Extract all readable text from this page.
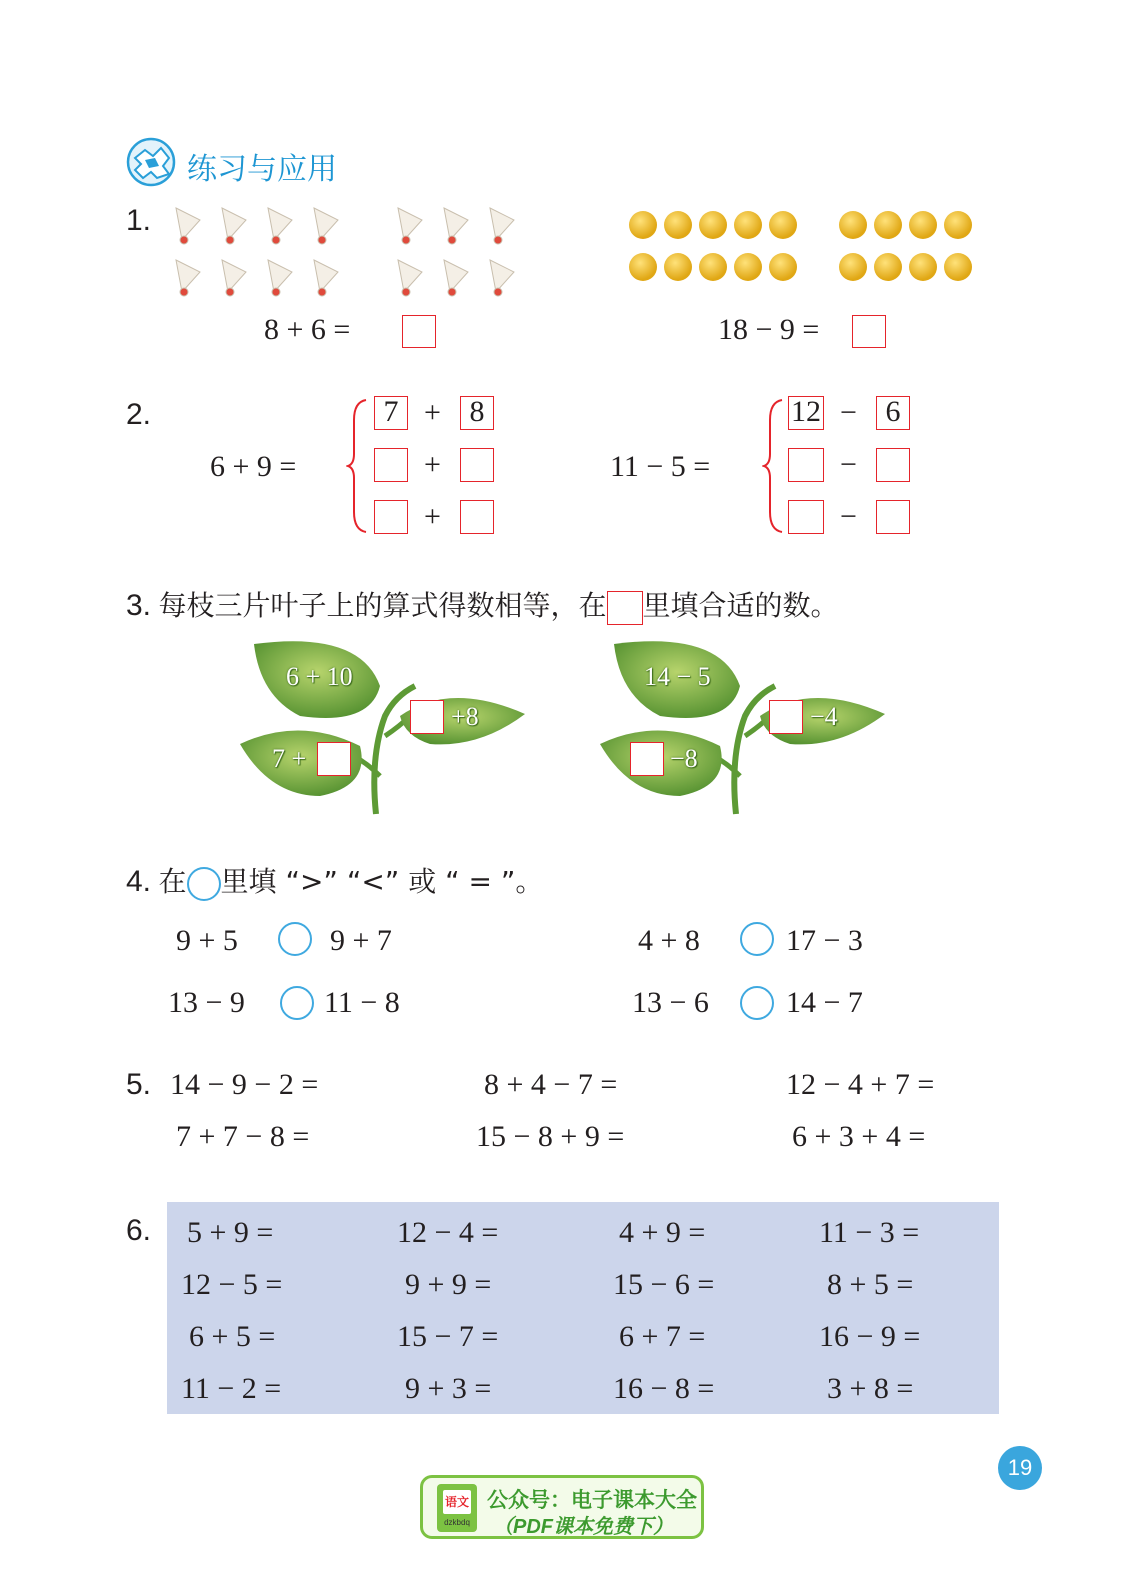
练习与应用
1.
8 + 6 =	18 − 9 =
2.
6 + 9 =
7 + 8
+
+
11 − 5 =
12 − 6
−
−
3. 每枝三片叶子上的算式得数相等，在 里填合适的数。
6 + 10
+8
7 +
14 − 5
−4
−8
4. 在 里填 “>” “<” 或 “ = ”。
9 + 5	9 + 7	4 + 8	17 − 3
13 − 9	11 − 8	13 − 6	14 − 7
5. 14 − 9 − 2 =	8 + 4 − 7 =	12 − 4 + 7 =
7 + 7 − 8 =	15 − 8 + 9 =	6 + 3 + 4 =
6. 5 + 9 =	12 − 4 =	4 + 9 =	11 − 3 =
12 − 5 =	9 + 9 =	15 − 6 =	8 + 5 =
6 + 5 =	15 − 7 =	6 + 7 =	16 − 9 =
11 − 2 =	9 + 3 =	16 − 8 =	3 + 8 =
19
语文
dzkbdq
公众号：电子课本大全
（PDF课本免费下）
